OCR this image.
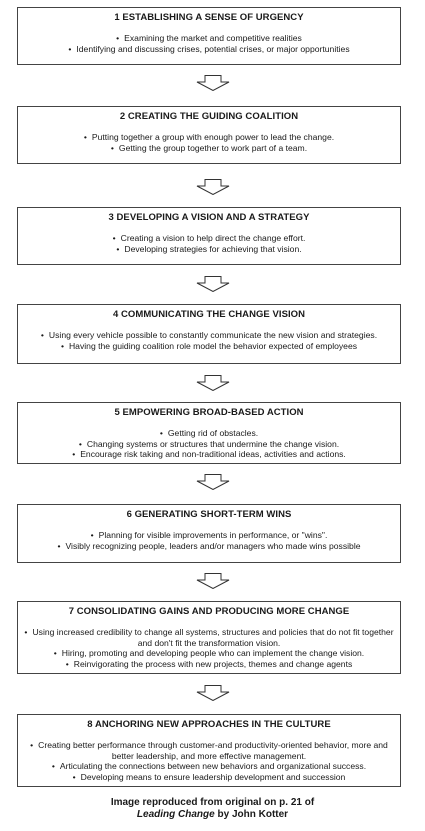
1 ESTABLISHING A SENSE OF URGENCY

• Examining the market and competitive realities

• Identifying and discussing crises, potential crises, or major opportunities

2 CREATING THE GUIDING COALITION

• Putting together a group with enough power to lead the change.

• Getting the group together to work part of a team.

3 DEVELOPING A VISION AND A STRATEGY

• Creating a vision to help direct the change effort.

• Developing strategies for achieving that vision.

4 COMMUNICATING THE CHANGE VISION

• Using every vehicle possible to constantly communicate the new vision and strategies.

• Having the guiding coalition role model the behavior expected of employees

5 EMPOWERING BROAD-BASED ACTION

• Getting rid of obstacles.

• Changing systems or structures that undermine the change vision.

• Encourage risk taking and non-traditional ideas, activities and actions.

6 GENERATING SHORT-TERM WINS

• Planning for visible improvements in performance, or "wins".

• Visibly recognizing people, leaders and/or managers who made wins possible

7 CONSOLIDATING GAINS AND PRODUCING MORE CHANGE

• Using increased credibility to change all systems, structures and policies that do not fit together and don't fit the transformation vision.

• Hiring, promoting and developing people who can implement the change vision.

• Reinvigorating the process with new projects, themes and change agents

8 ANCHORING NEW APPROACHES IN THE CULTURE

• Creating better performance through customer-and productivity-oriented behavior, more and better leadership, and more effective management.

• Articulating the connections between new behaviors and organizational success.

• Developing means to ensure leadership development and succession

Image reproduced from original on p. 21 of
Leading Change by John Kotter
